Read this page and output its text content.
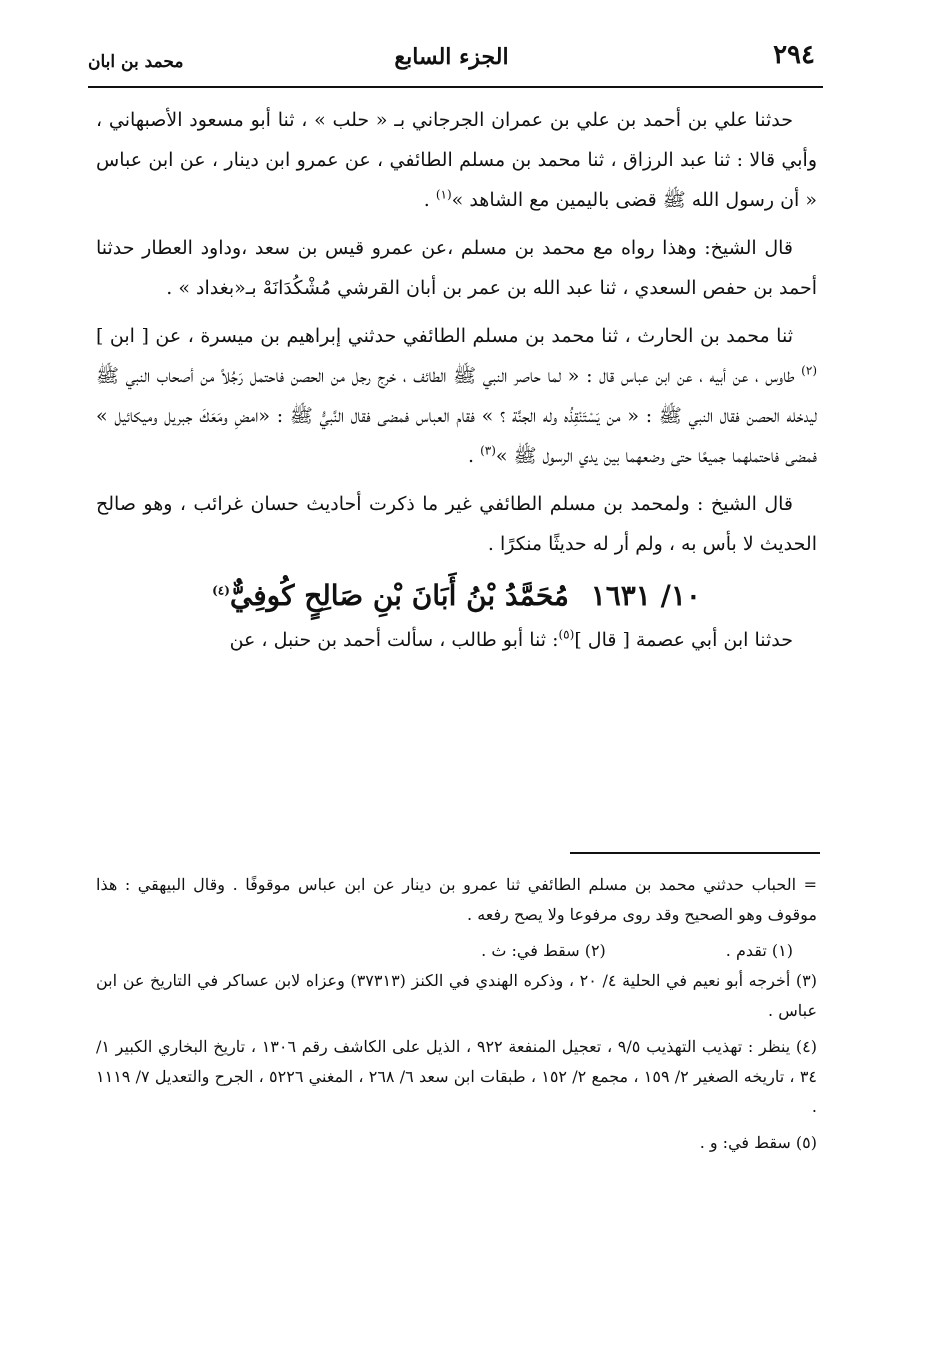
٢٩٤
الجزء السابع
محمد بن ابان

حدثنا علي بن أحمد بن علي بن عمران الجرجاني بـ « حلب » ، ثنا أبو مسعود الأصبهاني ، وأبي قالا : ثنا عبد الرزاق ، ثنا محمد بن مسلم الطائفي ، عن عمرو ابن دينار ، عن ابن عباس « أن رسول الله ﷺ قضى باليمين مع الشاهد »$^{(١)}$ .

قال الشيخ: وهذا رواه مع محمد بن مسلم ،عن عمرو قيس بن سعد ،وداود العطار حدثنا أحمد بن حفص السعدي ، ثنا عبد الله بن عمر بن أبان القرشي مُشْكُدَانَهْ بـ«بغداد » .

ثنا محمد بن الحارث ، ثنا محمد بن مسلم الطائفي حدثني إبراهيم بن ميسرة ، عن [ ابن ]$^{(٢)}$ طاوس ، عن أبيه ، عن ابن عباس قال : « لما حاصر النبي ﷺ الطائف ، خرج رجل من الحصن فاحتمل رَجُلاً من أصحاب النبي ﷺ ليدخله الحصن فقال النبي ﷺ : « من يَسْتَنْقِذُه وله الجنَّة ؟ » فقام العباس فمضى فقال النَّبيُّ ﷺ : «امضِ ومَعَكَ جبريل وميكائيل » فمضى فاحتملهما جميعًا حتى وضعهما بين يدي الرسول ﷺ »$^{(٣)}$ .

قال الشيخ : ولمحمد بن مسلم الطائفي غير ما ذكرت أحاديث حسان غرائب ، وهو صالح الحديث لا بأس به ، ولم أر له حديثًا منكرًا .

١٠/ ١٦٣١ مُحَمَّدُ بْنُ أَبَانَ بْنِ صَالِحٍ كُوفِيٌّ$^{(٤)}$

حدثنا ابن أبي عصمة [ قال ]$^{(٥)}$: ثنا أبو طالب ، سألت أحمد بن حنبل ، عن

= الحباب حدثني محمد بن مسلم الطائفي ثنا عمرو بن دينار عن ابن عباس موقوفًا . وقال البيهقي : هذا موقوف وهو الصحيح وقد روى مرفوعا ولا يصح رفعه .

(١) تقدم .
(٢) سقط في: ث .

(٣) أخرجه أبو نعيم في الحلية ٤/ ٢٠ ، وذكره الهندي في الكنز (٣٧٣١٣) وعزاه لابن عساكر في التاريخ عن ابن عباس .

(٤) ينظر : تهذيب التهذيب ٩/٥ ، تعجيل المنفعة ٩٢٢ ، الذيل على الكاشف رقم ١٣٠٦ ، تاريخ البخاري الكبير ١/ ٣٤ ، تاريخه الصغير ٢/ ١٥٩ ، مجمع ٢/ ١٥٢ ، طبقات ابن سعد ٦/ ٢٦٨ ، المغني ٥٢٢٦ ، الجرح والتعديل ٧/ ١١١٩ .

(٥) سقط في: و .
